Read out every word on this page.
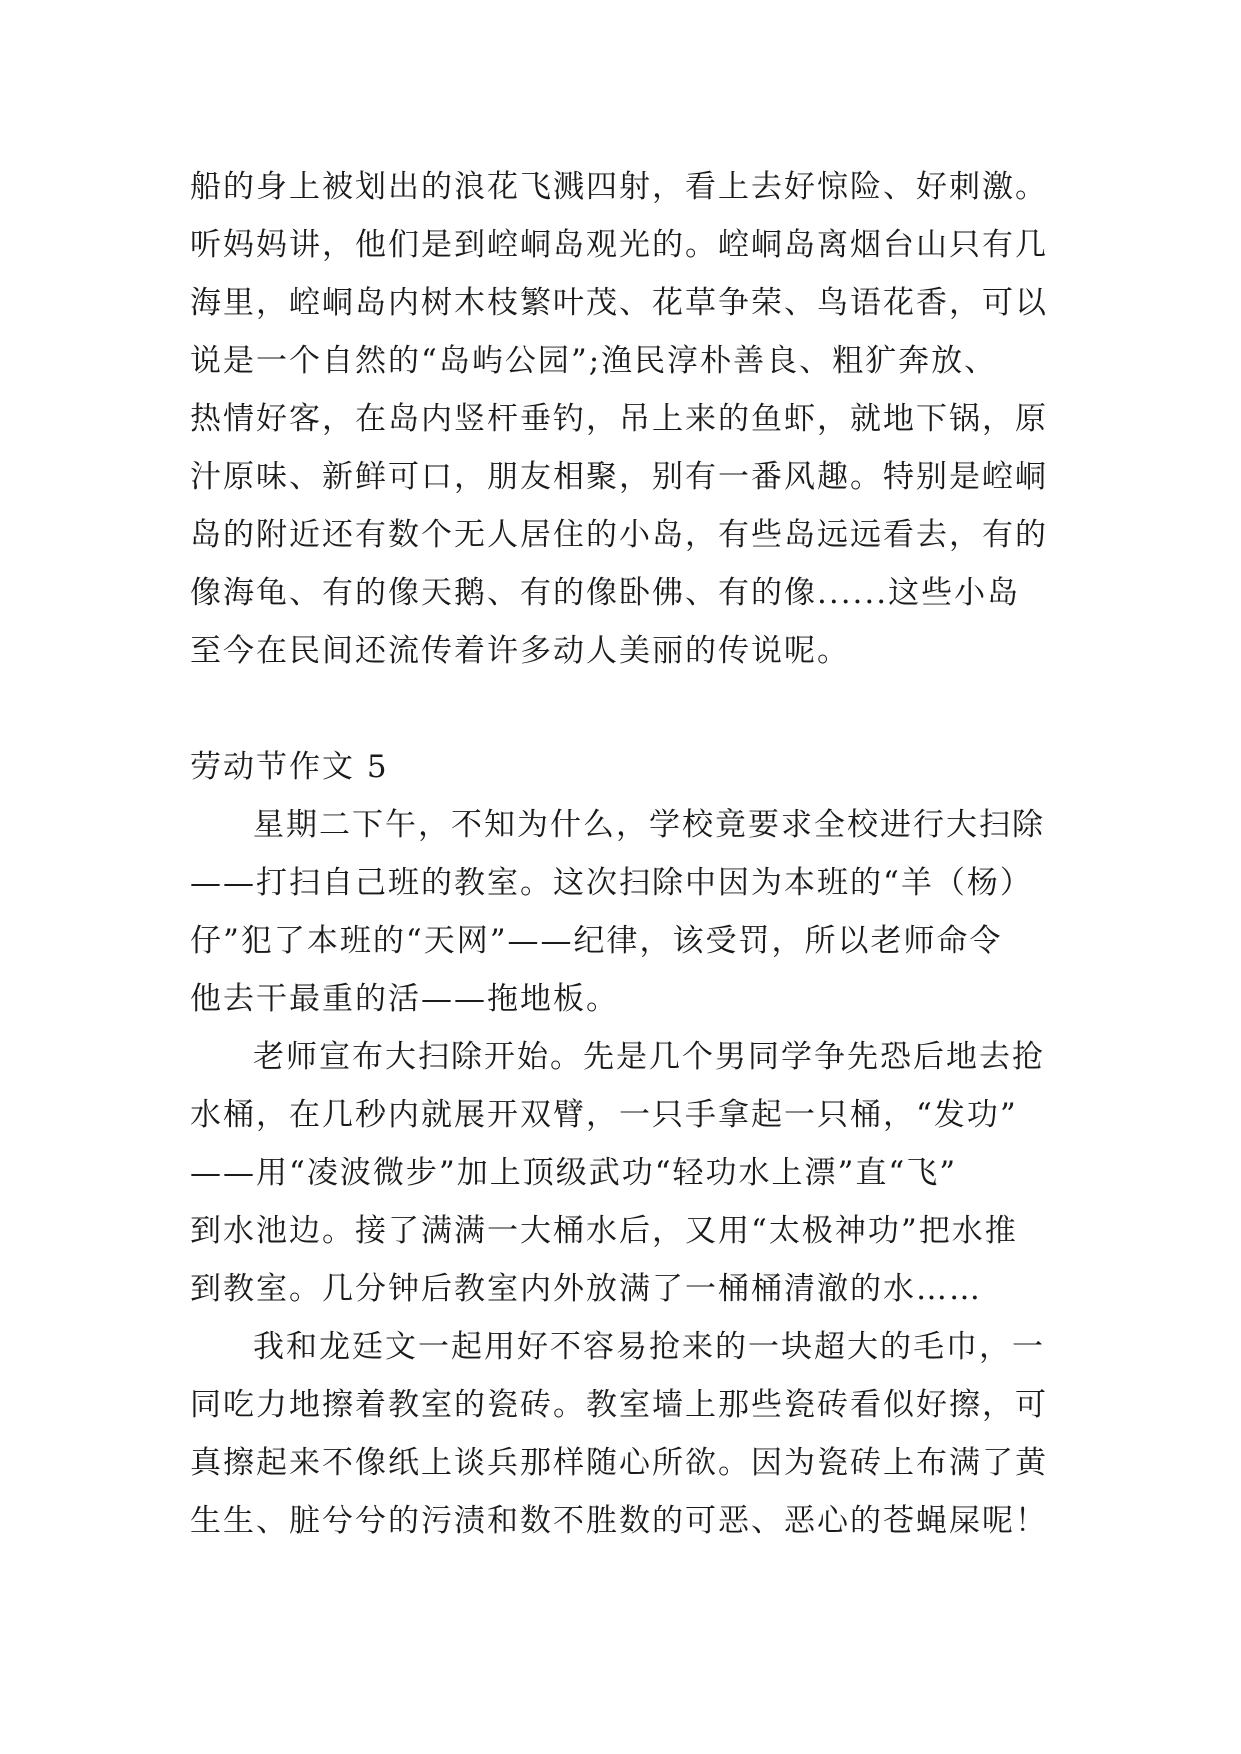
船的身上被划出的浪花飞溅四射，看上去好惊险、好刺激。
听妈妈讲，他们是到崆峒岛观光的。崆峒岛离烟台山只有几
海里，崆峒岛内树木枝繁叶茂、花草争荣、鸟语花香，可以
说是一个自然的“岛屿公园”;渔民淳朴善良、粗犷奔放、
热情好客，在岛内竖杆垂钓，吊上来的鱼虾，就地下锅，原
汁原味、新鲜可口，朋友相聚，别有一番风趣。特别是崆峒
岛的附近还有数个无人居住的小岛，有些岛远远看去，有的
像海龟、有的像天鹅、有的像卧佛、有的像......这些小岛
至今在民间还流传着许多动人美丽的传说呢。
劳动节作文 5
星期二下午，不知为什么，学校竟要求全校进行大扫除
——打扫自己班的教室。这次扫除中因为本班的“羊（杨）
仔”犯了本班的“天网”——纪律，该受罚，所以老师命令
他去干最重的活——拖地板。
老师宣布大扫除开始。先是几个男同学争先恐后地去抢
水桶，在几秒内就展开双臂，一只手拿起一只桶，“发功”
——用“凌波微步”加上顶级武功“轻功水上漂”直“飞”
到水池边。接了满满一大桶水后，又用“太极神功”把水推
到教室。几分钟后教室内外放满了一桶桶清澈的水……
我和龙廷文一起用好不容易抢来的一块超大的毛巾，一
同吃力地擦着教室的瓷砖。教室墙上那些瓷砖看似好擦，可
真擦起来不像纸上谈兵那样随心所欲。因为瓷砖上布满了黄
生生、脏兮兮的污渍和数不胜数的可恶、恶心的苍蝇屎呢！
